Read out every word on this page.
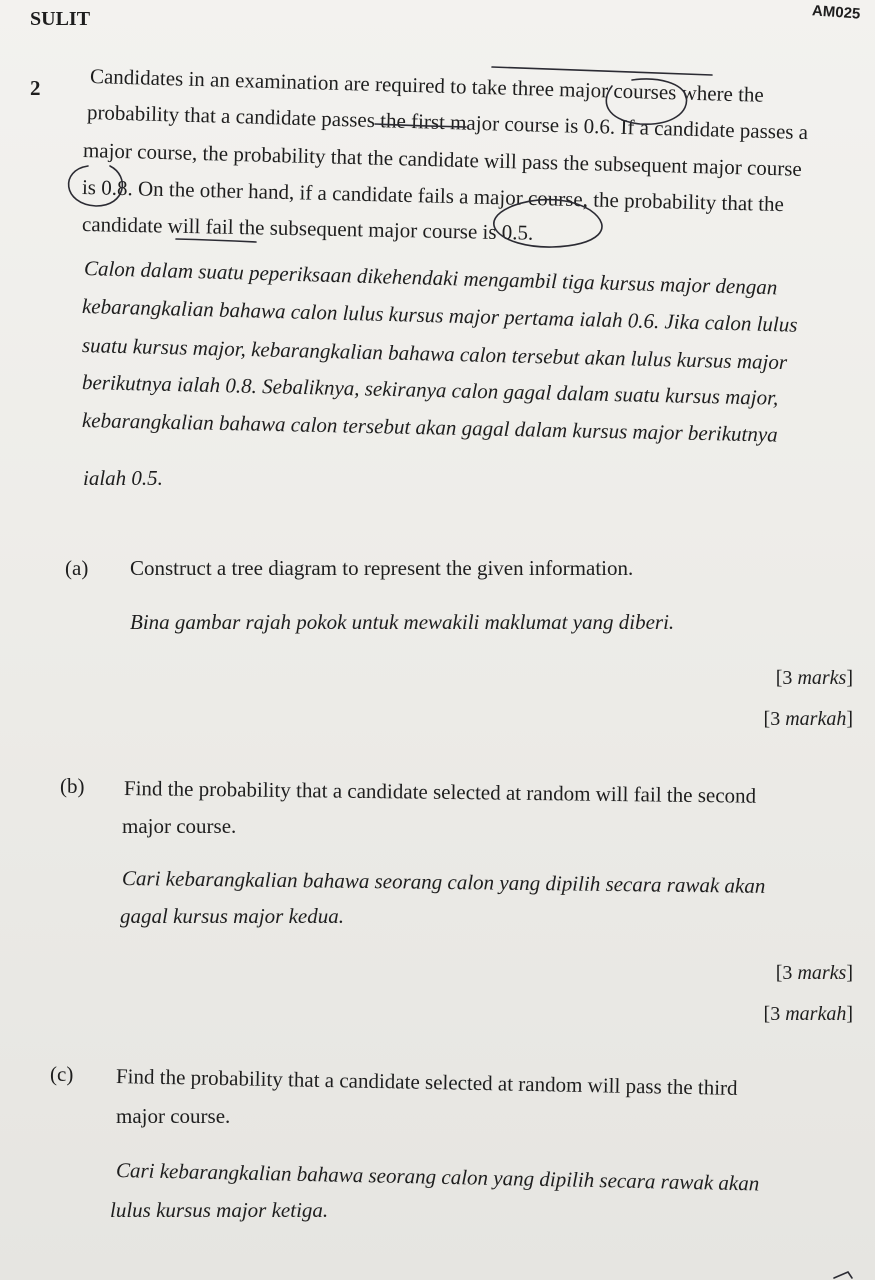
SULIT	AM025
2 Candidates in an examination are required to take three major courses where the
probability that a candidate passes the first major course is 0.6. If a candidate passes a
major course, the probability that the candidate will pass the subsequent major course
is 0.8. On the other hand, if a candidate fails a major course, the probability that the
candidate will fail the subsequent major course is 0.5.
Calon dalam suatu peperiksaan dikehendaki mengambil tiga kursus major dengan
kebarangkalian bahawa calon lulus kursus major pertama ialah 0.6. Jika calon lulus
suatu kursus major, kebarangkalian bahawa calon tersebut akan lulus kursus major
berikutnya ialah 0.8. Sebaliknya, sekiranya calon gagal dalam suatu kursus major,
kebarangkalian bahawa calon tersebut akan gagal dalam kursus major berikutnya
ialah 0.5.
(a) Construct a tree diagram to represent the given information.
Bina gambar rajah pokok untuk mewakili maklumat yang diberi.
[3 marks]
[3 markah]
(b) Find the probability that a candidate selected at random will fail the second
major course.
Cari kebarangkalian bahawa seorang calon yang dipilih secara rawak akan
gagal kursus major kedua.
[3 marks]
[3 markah]
(c) Find the probability that a candidate selected at random will pass the third
major course.
Cari kebarangkalian bahawa seorang calon yang dipilih secara rawak akan
lulus kursus major ketiga.
